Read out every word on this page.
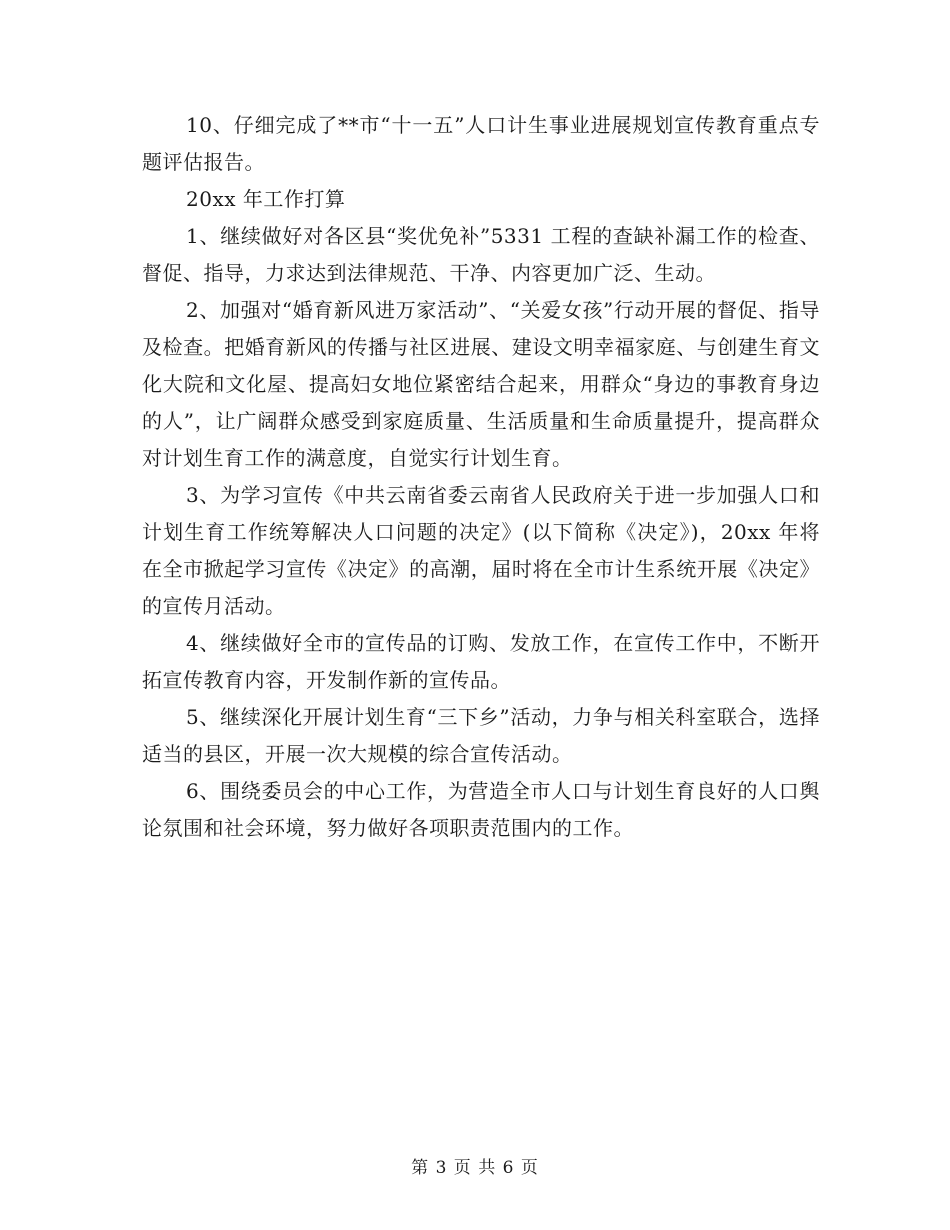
10、仔细完成了**市“十一五”人口计生事业进展规划宣传教育重点专题评估报告。

20xx 年工作打算

1、继续做好对各区县“奖优免补”5331 工程的查缺补漏工作的检查、督促、指导，力求达到法律规范、干净、内容更加广泛、生动。

2、加强对“婚育新风进万家活动”、“关爱女孩”行动开展的督促、指导及检查。把婚育新风的传播与社区进展、建设文明幸福家庭、与创建生育文化大院和文化屋、提高妇女地位紧密结合起来，用群众“身边的事教育身边的人”，让广阔群众感受到家庭质量、生活质量和生命质量提升，提高群众对计划生育工作的满意度，自觉实行计划生育。

3、为学习宣传《中共云南省委云南省人民政府关于进一步加强人口和计划生育工作统筹解决人口问题的决定》(以下简称《决定》)，20xx 年将在全市掀起学习宣传《决定》的高潮，届时将在全市计生系统开展《决定》的宣传月活动。

4、继续做好全市的宣传品的订购、发放工作，在宣传工作中，不断开拓宣传教育内容，开发制作新的宣传品。

5、继续深化开展计划生育“三下乡”活动，力争与相关科室联合，选择适当的县区，开展一次大规模的综合宣传活动。

6、围绕委员会的中心工作，为营造全市人口与计划生育良好的人口舆论氛围和社会环境，努力做好各项职责范围内的工作。

第 3 页 共 6 页
